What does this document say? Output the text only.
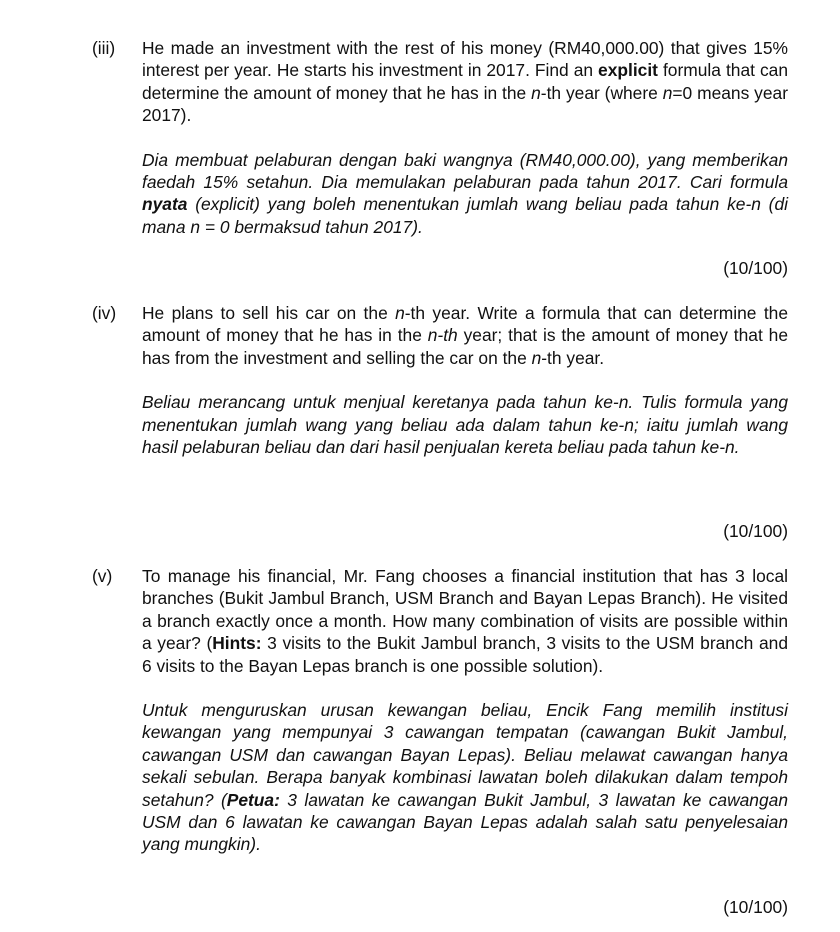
(iii)	He made an investment with the rest of his money (RM40,000.00) that gives 15% interest per year. He starts his investment in 2017. Find an explicit formula that can determine the amount of money that he has in the n-th year (where n=0 means year 2017).

Dia membuat pelaburan dengan baki wangnya (RM40,000.00), yang memberikan faedah 15% setahun. Dia memulakan pelaburan pada tahun 2017. Cari formula nyata (explicit) yang boleh menentukan jumlah wang beliau pada tahun ke-n (di mana n = 0 bermaksud tahun 2017).

(10/100)
(iv)	He plans to sell his car on the n-th year. Write a formula that can determine the amount of money that he has in the n-th year; that is the amount of money that he has from the investment and selling the car on the n-th year.

Beliau merancang untuk menjual keretanya pada tahun ke-n. Tulis formula yang menentukan jumlah wang yang beliau ada dalam tahun ke-n; iaitu jumlah wang hasil pelaburan beliau dan dari hasil penjualan kereta beliau pada tahun ke-n.

(10/100)
(v)	To manage his financial, Mr. Fang chooses a financial institution that has 3 local branches (Bukit Jambul Branch, USM Branch and Bayan Lepas Branch). He visited a branch exactly once a month. How many combination of visits are possible within a year? (Hints: 3 visits to the Bukit Jambul branch, 3 visits to the USM branch and 6 visits to the Bayan Lepas branch is one possible solution).

Untuk menguruskan urusan kewangan beliau, Encik Fang memilih institusi kewangan yang mempunyai 3 cawangan tempatan (cawangan Bukit Jambul, cawangan USM dan cawangan Bayan Lepas). Beliau melawat cawangan hanya sekali sebulan. Berapa banyak kombinasi lawatan boleh dilakukan dalam tempoh setahun? (Petua: 3 lawatan ke cawangan Bukit Jambul, 3 lawatan ke cawangan USM dan 6 lawatan ke cawangan Bayan Lepas adalah salah satu penyelesaian yang mungkin).

(10/100)
